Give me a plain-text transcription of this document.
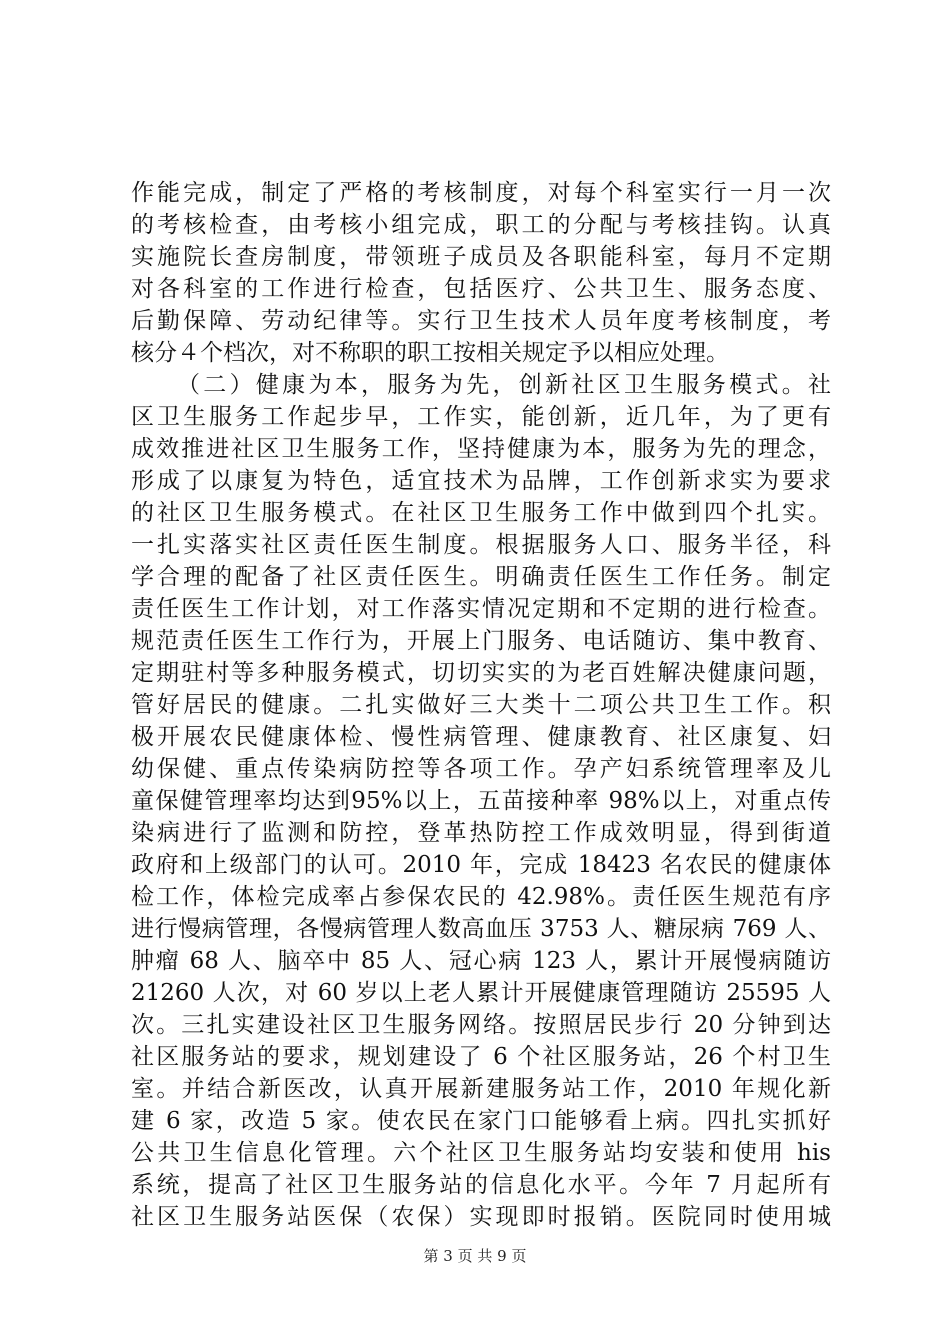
作能完成，制定了严格的考核制度，对每个科室实行一月一次
的考核检查，由考核小组完成，职工的分配与考核挂钩。认真
实施院长查房制度，带领班子成员及各职能科室，每月不定期
对各科室的工作进行检查，包括医疗、公共卫生、服务态度、
后勤保障、劳动纪律等。实行卫生技术人员年度考核制度，考
核分４个档次，对不称职的职工按相关规定予以相应处理。
（二）健康为本，服务为先，创新社区卫生服务模式。社
区卫生服务工作起步早，工作实，能创新，近几年，为了更有
成效推进社区卫生服务工作，坚持健康为本，服务为先的理念，
形成了以康复为特色，适宜技术为品牌，工作创新求实为要求
的社区卫生服务模式。在社区卫生服务工作中做到四个扎实。
一扎实落实社区责任医生制度。根据服务人口、服务半径，科
学合理的配备了社区责任医生。明确责任医生工作任务。制定
责任医生工作计划，对工作落实情况定期和不定期的进行检查。
规范责任医生工作行为，开展上门服务、电话随访、集中教育、
定期驻村等多种服务模式，切切实实的为老百姓解决健康问题，
管好居民的健康。二扎实做好三大类十二项公共卫生工作。积
极开展农民健康体检、慢性病管理、健康教育、社区康复、妇
幼保健、重点传染病防控等各项工作。孕产妇系统管理率及儿
童保健管理率均达到95%以上，五苗接种率 98%以上，对重点传
染病进行了监测和防控，登革热防控工作成效明显，得到街道
政府和上级部门的认可。2010 年，完成 18423 名农民的健康体
检工作，体检完成率占参保农民的 42.98%。责任医生规范有序
进行慢病管理，各慢病管理人数高血压 3753 人、糖尿病 769 人、
肿瘤 68 人、脑卒中 85 人、冠心病 123 人，累计开展慢病随访
21260 人次，对 60 岁以上老人累计开展健康管理随访 25595 人
次。三扎实建设社区卫生服务网络。按照居民步行 20 分钟到达
社区服务站的要求，规划建设了 6 个社区服务站，26 个村卫生
室。并结合新医改，认真开展新建服务站工作，2010 年规化新
建 6 家，改造 5 家。使农民在家门口能够看上病。四扎实抓好
公共卫生信息化管理。六个社区卫生服务站均安装和使用 his
系统，提高了社区卫生服务站的信息化水平。今年 7 月起所有
社区卫生服务站医保（农保）实现即时报销。医院同时使用城
第 3 页 共 9 页
